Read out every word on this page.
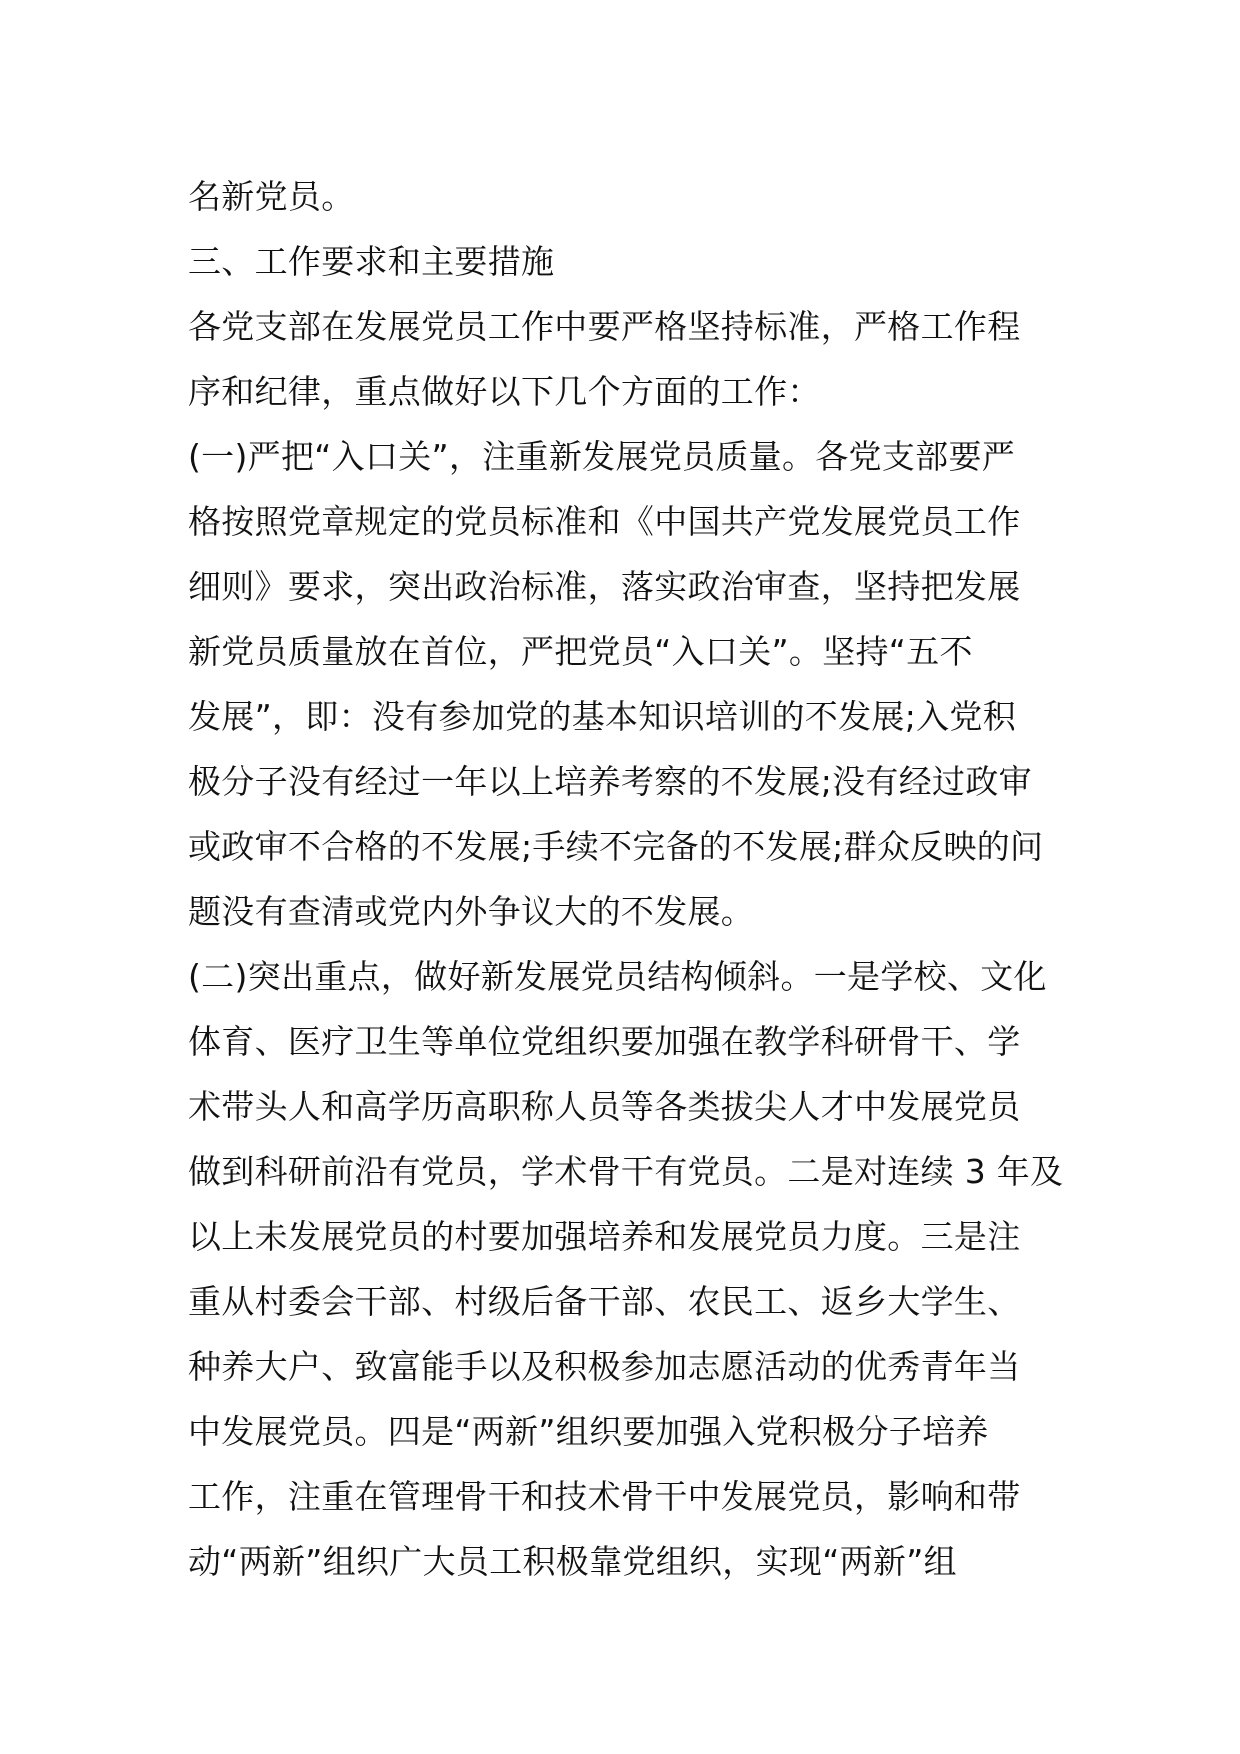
名新党员。
三、工作要求和主要措施
各党支部在发展党员工作中要严格坚持标准，严格工作程
序和纪律，重点做好以下几个方面的工作：
(一)严把“入口关”，注重新发展党员质量。各党支部要严
格按照党章规定的党员标准和《中国共产党发展党员工作
细则》要求，突出政治标准，落实政治审查，坚持把发展
新党员质量放在首位，严把党员“入口关”。坚持“五不
发展”，即：没有参加党的基本知识培训的不发展;入党积
极分子没有经过一年以上培养考察的不发展;没有经过政审
或政审不合格的不发展;手续不完备的不发展;群众反映的问
题没有查清或党内外争议大的不发展。
(二)突出重点，做好新发展党员结构倾斜。一是学校、文化
体育、医疗卫生等单位党组织要加强在教学科研骨干、学
术带头人和高学历高职称人员等各类拔尖人才中发展党员
做到科研前沿有党员，学术骨干有党员。二是对连续 3 年及
以上未发展党员的村要加强培养和发展党员力度。三是注
重从村委会干部、村级后备干部、农民工、返乡大学生、
种养大户、致富能手以及积极参加志愿活动的优秀青年当
中发展党员。四是“两新”组织要加强入党积极分子培养
工作，注重在管理骨干和技术骨干中发展党员，影响和带
动“两新”组织广大员工积极靠党组织，实现“两新”组
